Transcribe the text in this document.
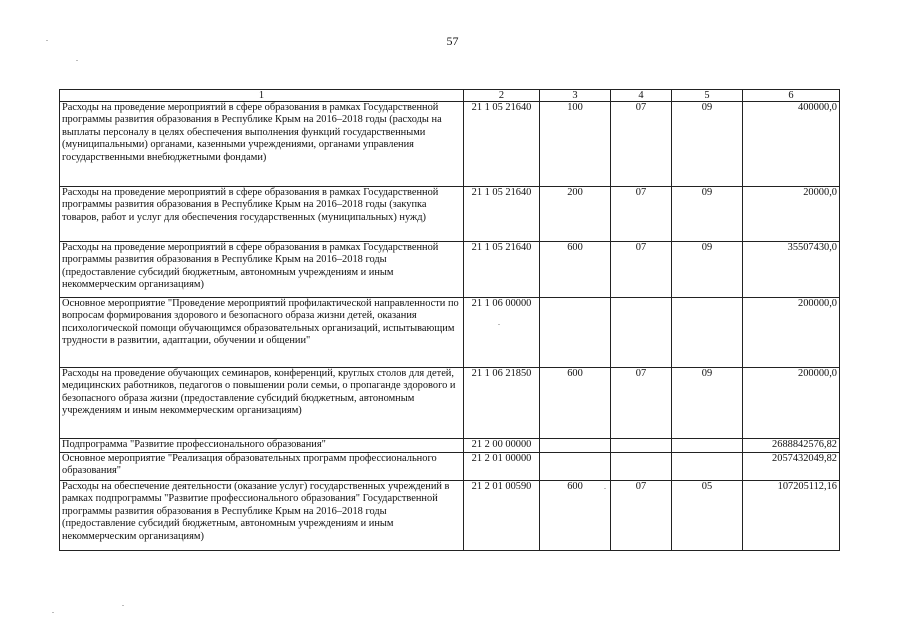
57
1	2	3	4	5	6
Расходы на проведение мероприятий в сфере образования в рамках Государственной программы развития образования в Республике Крым на 2016–2018 годы (расходы на выплаты персоналу в целях обеспечения выполнения функций государственными (муниципальными) органами, казенными учреждениями, органами управления государственными внебюджетными фондами)	21 1 05 21640	100	07	09	400000,0
Расходы на проведение мероприятий в сфере образования в рамках Государственной программы развития образования в Республике Крым на 2016–2018 годы (закупка товаров, работ и услуг для обеспечения государственных (муниципальных) нужд)	21 1 05 21640	200	07	09	20000,0
Расходы на проведение мероприятий в сфере образования в рамках Государственной программы развития образования в Республике Крым на 2016–2018 годы (предоставление субсидий бюджетным, автономным учреждениям и иным некоммерческим организациям)	21 1 05 21640	600	07	09	35507430,0
Основное мероприятие "Проведение мероприятий профилактической направленности по вопросам формирования здорового и безопасного образа жизни детей, оказания психологической помощи обучающимся образовательных организаций, испытывающим трудности в развитии, адаптации, обучении и общении"	21 1 06 00000				200000,0
Расходы на проведение обучающих семинаров, конференций, круглых столов для детей, медицинских работников, педагогов о повышении роли семьи, о пропаганде здорового и безопасного образа жизни (предоставление субсидий бюджетным, автономным учреждениям и иным некоммерческим организациям)	21 1 06 21850	600	07	09	200000,0
Подпрограмма "Развитие профессионального образования"	21 2 00 00000				2688842576,82
Основное мероприятие "Реализация образовательных программ профессионального образования"	21 2 01 00000				2057432049,82
Расходы на обеспечение деятельности (оказание услуг) государственных учреждений в рамках подпрограммы "Развитие профессионального образования" Государственной программы развития образования в Республике Крым на 2016–2018 годы (предоставление субсидий бюджетным, автономным учреждениям и иным некоммерческим организациям)	21 2 01 00590	600	07	05	107205112,16
